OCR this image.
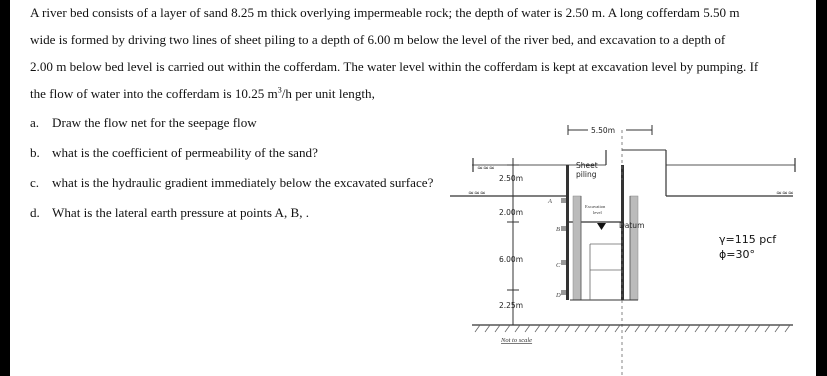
A river bed consists of a layer of sand 8.25 m thick overlying impermeable rock; the depth of water is 2.50 m. A long cofferdam 5.50 m
wide is formed by driving two lines of sheet piling to a depth of 6.00 m below the level of the river bed, and excavation to a depth of
2.00 m below bed level is carried out within the cofferdam. The water level within the cofferdam is kept at excavation level by pumping. If
the flow of water into the cofferdam is 10.25 $m^3/h$ per unit length,
a. Draw the flow net for the seepage flow
b. what is the coefficient of permeability of the sand?
c. what is the hydraulic gradient immediately below the excavated surface?
d. What is the lateral earth pressure at points A, B, .
≈≈≈
≈≈≈	≈≈≈
2.50m
2.00m
6.00m
2.25m
5.50m
Sheet
piling
Excavation
level
Datum
A
B
C
D
γ=115 pcf
ϕ=30°
Not to scale
